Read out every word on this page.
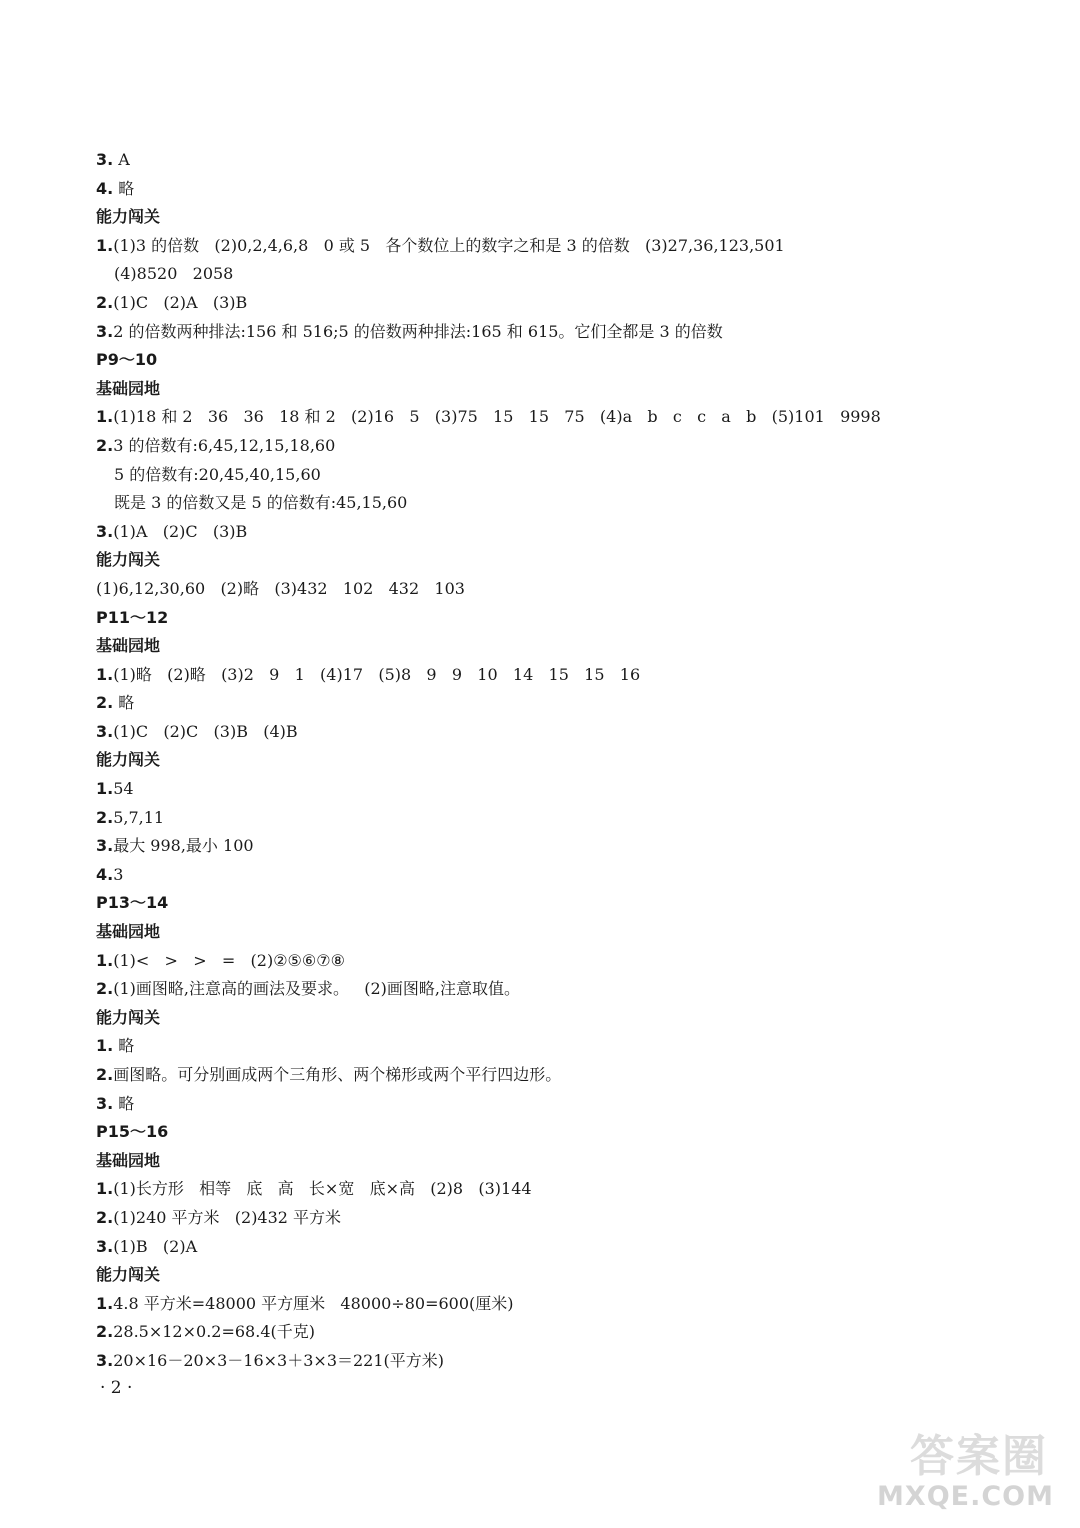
3. A
4. 略
能力闯关
1.(1)3 的倍数   (2)0,2,4,6,8   0 或 5   各个数位上的数字之和是 3 的倍数   (3)27,36,123,501
(4)8520   2058
2.(1)C   (2)A   (3)B
3.2 的倍数两种排法:156 和 516;5 的倍数两种排法:165 和 615。它们全都是 3 的倍数
P9～10
基础园地
1.(1)18 和 2   36   36   18 和 2   (2)16   5   (3)75   15   15   75   (4)a   b   c   c   a   b   (5)101   9998
2.3 的倍数有:6,45,12,15,18,60
5 的倍数有:20,45,40,15,60
既是 3 的倍数又是 5 的倍数有:45,15,60
3.(1)A   (2)C   (3)B
能力闯关
(1)6,12,30,60   (2)略   (3)432   102   432   103
P11～12
基础园地
1.(1)略   (2)略   (3)2   9   1   (4)17   (5)8   9   9   10   14   15   15   16
2. 略
3.(1)C   (2)C   (3)B   (4)B
能力闯关
1.54
2.5,7,11
3.最大 998,最小 100
4.3
P13～14
基础园地
1.(1)<   >   >   =   (2)②⑤⑥⑦⑧
2.(1)画图略,注意高的画法及要求。   (2)画图略,注意取值。
能力闯关
1. 略
2.画图略。可分别画成两个三角形、两个梯形或两个平行四边形。
3. 略
P15～16
基础园地
1.(1)长方形   相等   底   高   长×宽   底×高   (2)8   (3)144
2.(1)240 平方米   (2)432 平方米
3.(1)B   (2)A
能力闯关
1.4.8 平方米=48000 平方厘米   48000÷80=600(厘米)
2.28.5×12×0.2=68.4(千克)
3.20×16－20×3－16×3＋3×3＝221(平方米)
· 2 ·
答案圈
MXQE.COM
